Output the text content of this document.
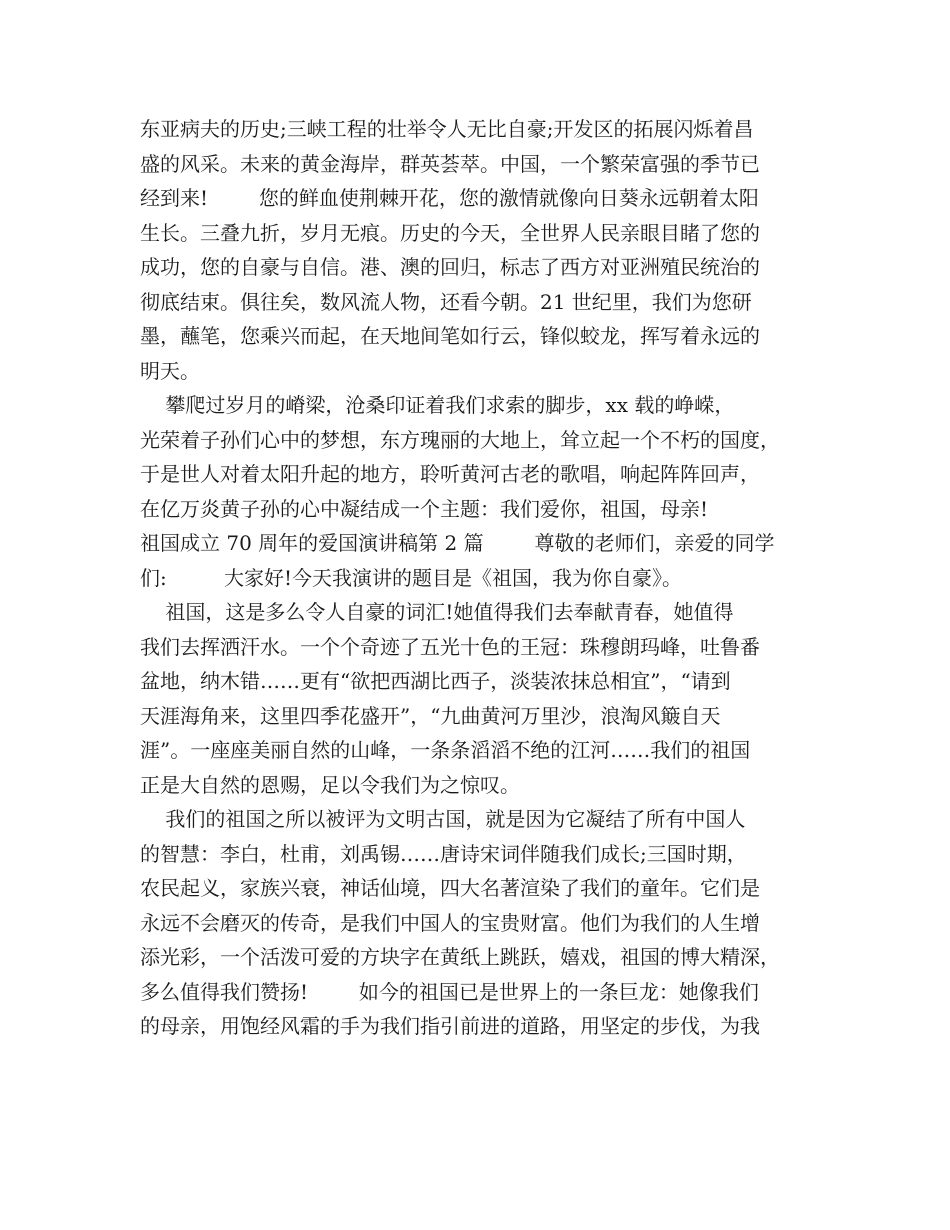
东亚病夫的历史;三峡工程的壮举令人无比自豪;开发区的拓展闪烁着昌
盛的风采。未来的黄金海岸，群英荟萃。中国，一个繁荣富强的季节已
经到来!        您的鲜血使荆棘开花，您的激情就像向日葵永远朝着太阳
生长。三叠九折，岁月无痕。历史的今天，全世界人民亲眼目睹了您的
成功，您的自豪与自信。港、澳的回归，标志了西方对亚洲殖民统治的
彻底结束。俱往矣，数风流人物，还看今朝。21 世纪里，我们为您研
墨，蘸笔，您乘兴而起，在天地间笔如行云，锋似蛟龙，挥写着永远的
明天。
攀爬过岁月的嵴梁，沧桑印证着我们求索的脚步，xx 载的峥嵘，
光荣着子孙们心中的梦想，东方瑰丽的大地上，耸立起一个不朽的国度，
于是世人对着太阳升起的地方，聆听黄河古老的歌唱，响起阵阵回声，
在亿万炎黄子孙的心中凝结成一个主题：我们爱你，祖国，母亲!
祖国成立 70 周年的爱国演讲稿第 2 篇        尊敬的老师们，亲爱的同学
们:         大家好!今天我演讲的题目是《祖国，我为你自豪》。
祖国，这是多么令人自豪的词汇!她值得我们去奉献青春，她值得
我们去挥洒汗水。一个个奇迹了五光十色的王冠：珠穆朗玛峰，吐鲁番
盆地，纳木错……更有“欲把西湖比西子，淡装浓抹总相宜”，“请到
天涯海角来，这里四季花盛开”，“九曲黄河万里沙，浪淘风簸自天
涯”。一座座美丽自然的山峰，一条条滔滔不绝的江河……我们的祖国
正是大自然的恩赐，足以令我们为之惊叹。
我们的祖国之所以被评为文明古国，就是因为它凝结了所有中国人
的智慧：李白，杜甫，刘禹锡……唐诗宋词伴随我们成长;三国时期，
农民起义，家族兴衰，神话仙境，四大名著渲染了我们的童年。它们是
永远不会磨灭的传奇，是我们中国人的宝贵财富。他们为我们的人生增
添光彩，一个活泼可爱的方块字在黄纸上跳跃，嬉戏，祖国的博大精深，
多么值得我们赞扬!        如今的祖国已是世界上的一条巨龙：她像我们
的母亲，用饱经风霜的手为我们指引前进的道路，用坚定的步伐，为我
